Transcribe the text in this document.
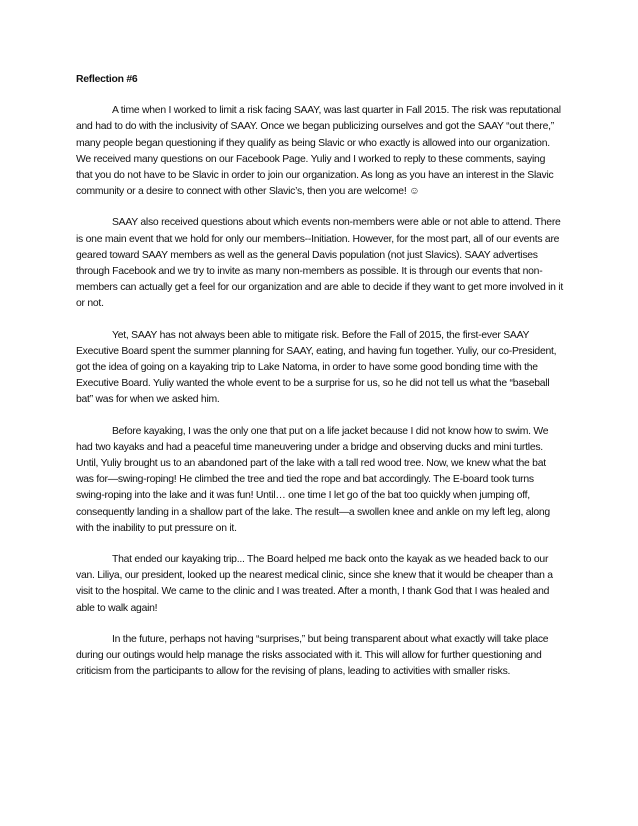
Reflection #6

A time when I worked to limit a risk facing SAAY, was last quarter in Fall 2015. The risk was reputational and had to do with the inclusivity of SAAY. Once we began publicizing ourselves and got the SAAY “out there,” many people began questioning if they qualify as being Slavic or who exactly is allowed into our organization. We received many questions on our Facebook Page. Yuliy and I worked to reply to these comments, saying that you do not have to be Slavic in order to join our organization. As long as you have an interest in the Slavic community or a desire to connect with other Slavic’s, then you are welcome! ☺

SAAY also received questions about which events non-members were able or not able to attend. There is one main event that we hold for only our members--Initiation. However, for the most part, all of our events are geared toward SAAY members as well as the general Davis population (not just Slavics). SAAY advertises through Facebook and we try to invite as many non-members as possible. It is through our events that non-members can actually get a feel for our organization and are able to decide if they want to get more involved in it or not.

Yet, SAAY has not always been able to mitigate risk. Before the Fall of 2015, the first-ever SAAY Executive Board spent the summer planning for SAAY, eating, and having fun together. Yuliy, our co-President, got the idea of going on a kayaking trip to Lake Natoma, in order to have some good bonding time with the Executive Board. Yuliy wanted the whole event to be a surprise for us, so he did not tell us what the “baseball bat” was for when we asked him.

Before kayaking, I was the only one that put on a life jacket because I did not know how to swim. We had two kayaks and had a peaceful time maneuvering under a bridge and observing ducks and mini turtles. Until, Yuliy brought us to an abandoned part of the lake with a tall red wood tree. Now, we knew what the bat was for—swing-roping! He climbed the tree and tied the rope and bat accordingly. The E-board took turns swing-roping into the lake and it was fun! Until… one time I let go of the bat too quickly when jumping off, consequently landing in a shallow part of the lake. The result—a swollen knee and ankle on my left leg, along with the inability to put pressure on it.

That ended our kayaking trip... The Board helped me back onto the kayak as we headed back to our van. Liliya, our president, looked up the nearest medical clinic, since she knew that it would be cheaper than a visit to the hospital. We came to the clinic and I was treated. After a month, I thank God that I was healed and able to walk again!

In the future, perhaps not having “surprises,” but being transparent about what exactly will take place during our outings would help manage the risks associated with it. This will allow for further questioning and criticism from the participants to allow for the revising of plans, leading to activities with smaller risks.
